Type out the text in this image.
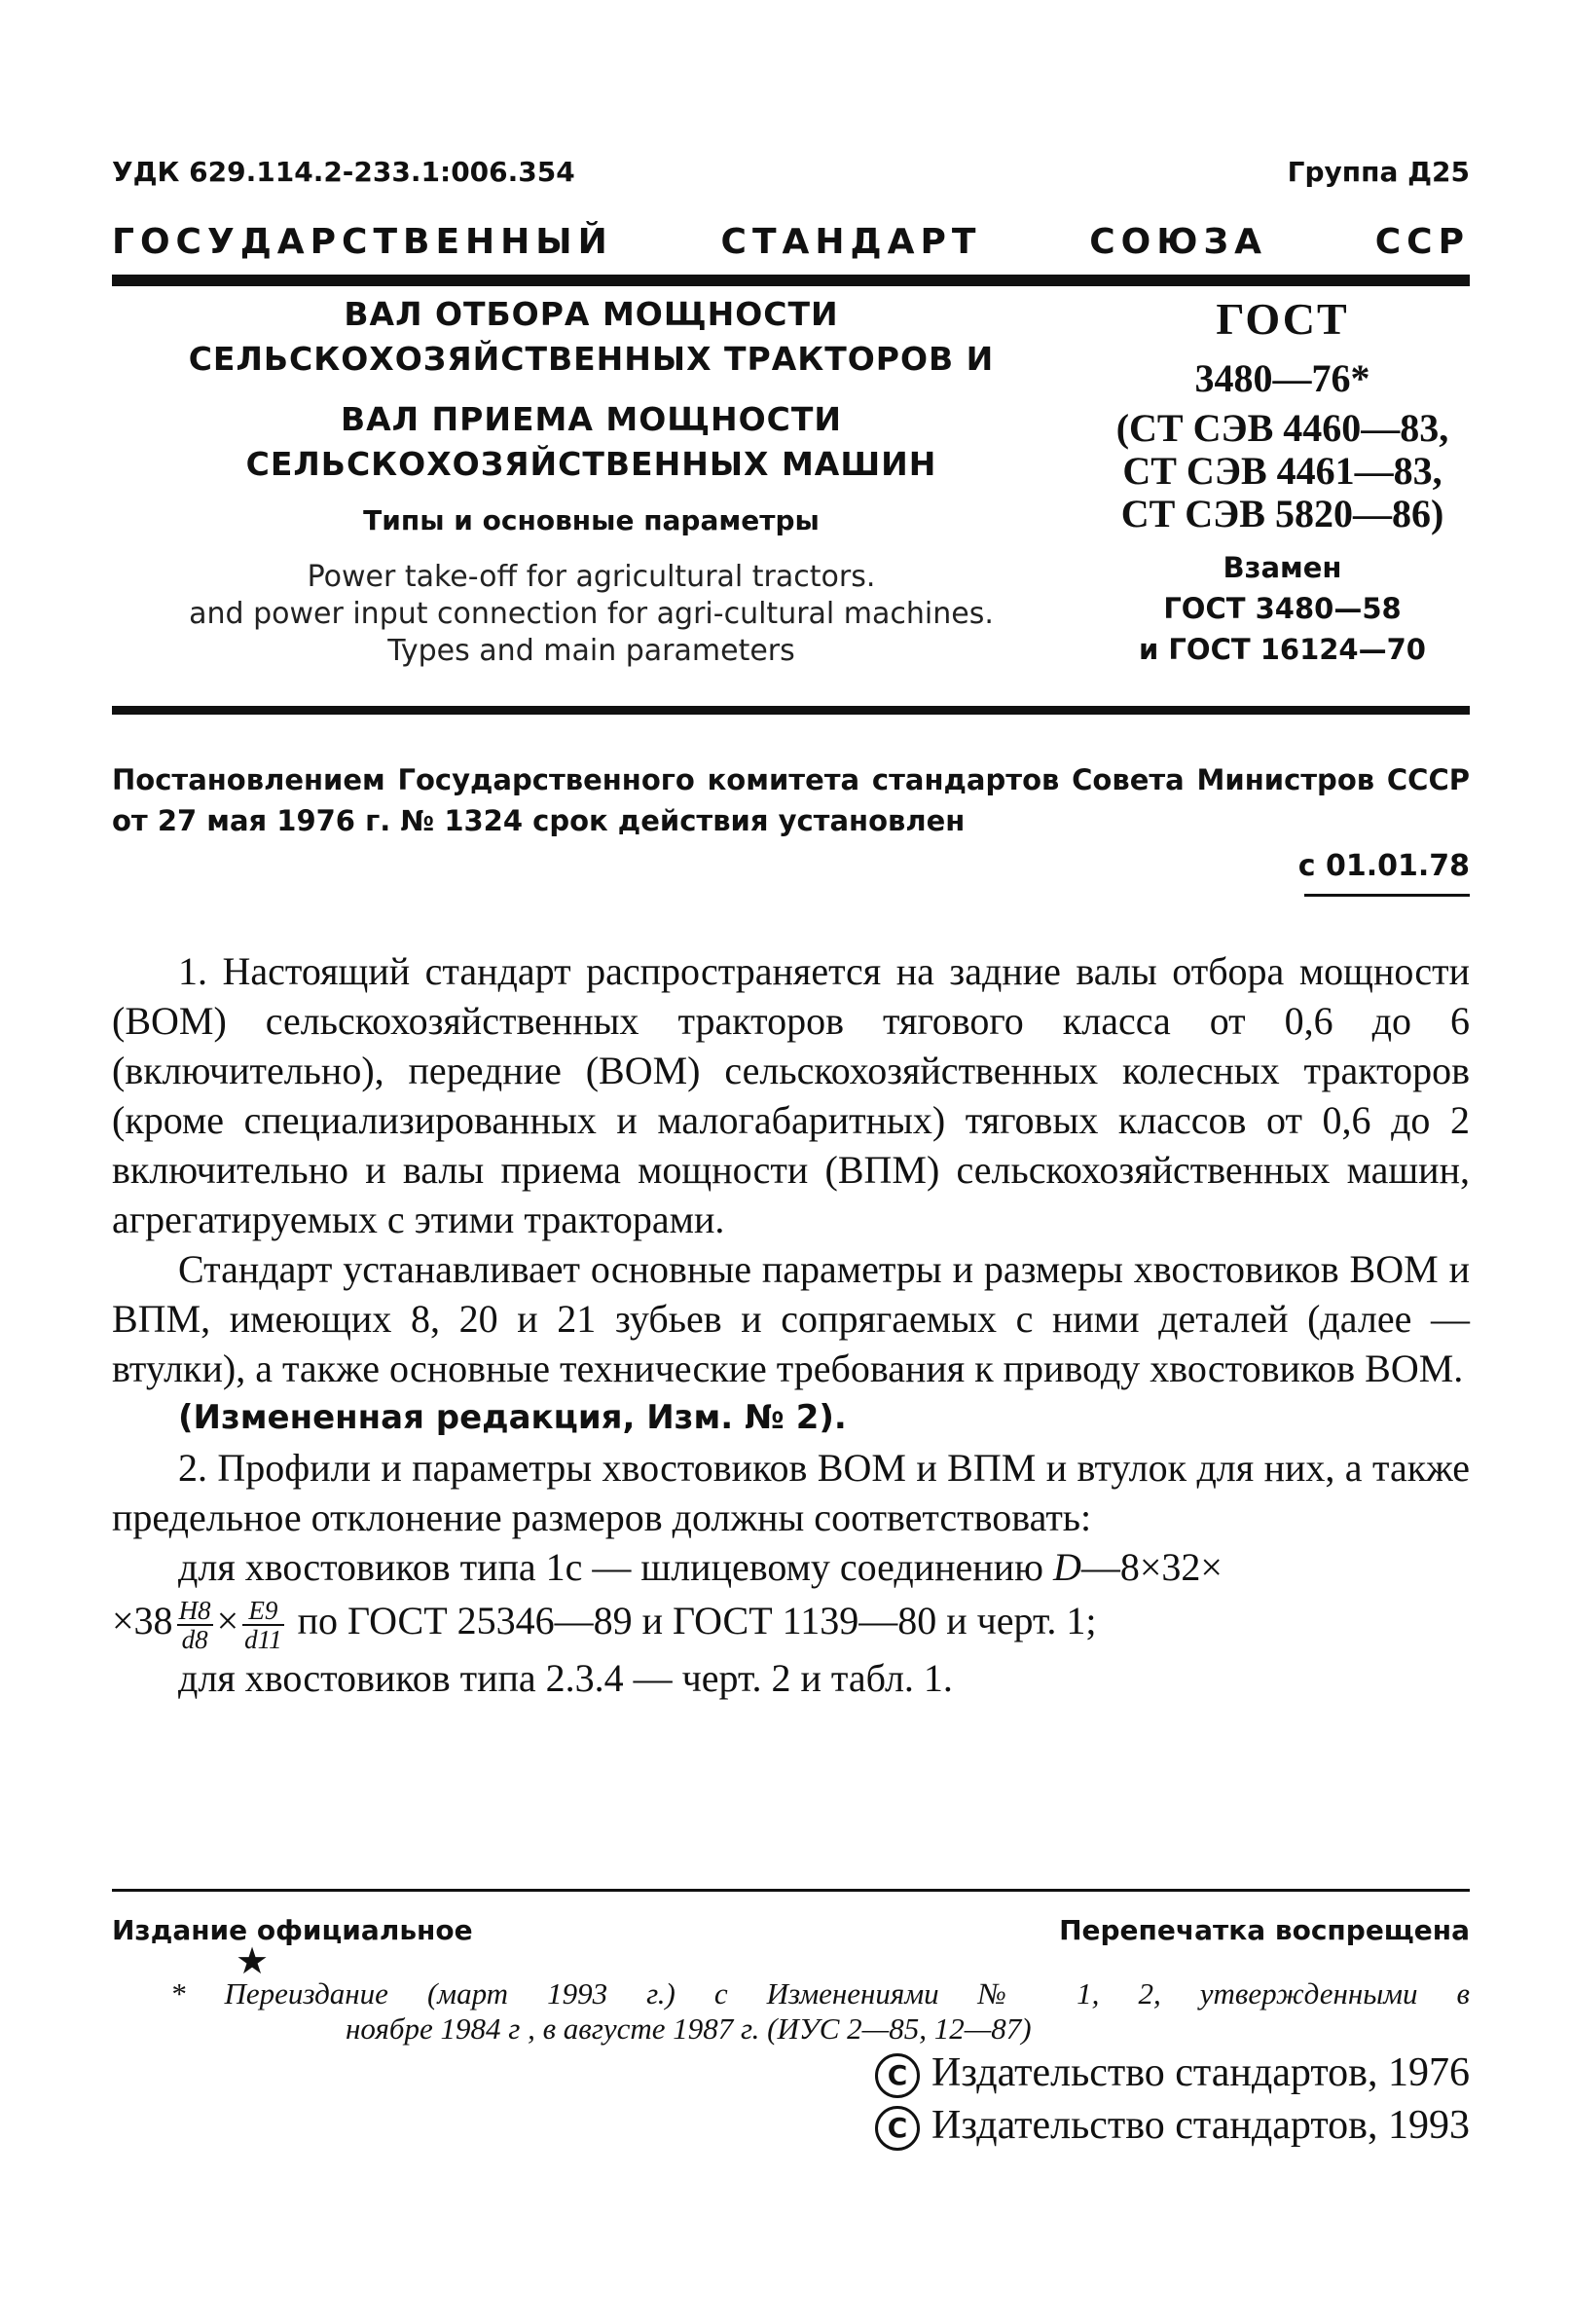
УДК 629.114.2-233.1:006.354	Группа Д25
ГОСУДАРСТВЕННЫЙ СТАНДАРТ СОЮЗА ССР
ВАЛ ОТБОРА МОЩНОСТИ
СЕЛЬСКОХОЗЯЙСТВЕННЫХ ТРАКТОРОВ И
ВАЛ ПРИЕМА МОЩНОСТИ
СЕЛЬСКОХОЗЯЙСТВЕННЫХ МАШИН
Типы и основные параметры
Power take-off for agricultural tractors.
and power input connection for agri-cultural machines.
Types and main parameters
ГОСТ
3480—76*
(СТ СЭВ 4460—83,
СТ СЭВ 4461—83,
СТ СЭВ 5820—86)
Взамен
ГОСТ 3480—58
и ГОСТ 16124—70
Постановлением Государственного комитета стандартов Совета Министров СССР
от 27 мая 1976 г. № 1324 срок действия установлен
с 01.01.78

1. Настоящий стандарт распространяется на задние валы отбора мощности (ВОМ) сельскохозяйственных тракторов тягового класса от 0,6 до 6 (включительно), передние (ВОМ) сельскохозяйственных колесных тракторов (кроме специализированных и малогабаритных) тяговых классов от 0,6 до 2 включительно и валы приема мощности (ВПМ) сельскохозяйственных машин, агрегатируемых с этими тракторами.

Стандарт устанавливает основные параметры и размеры хвостовиков ВОМ и ВПМ, имеющих 8, 20 и 21 зубьев и сопрягаемых с ними деталей (далее — втулки), а также основные технические требования к приводу хвостовиков ВОМ.

(Измененная редакция, Изм. № 2).

2. Профили и параметры хвостовиков ВОМ и ВПМ и втулок для них, а также предельное отклонение размеров должны соответствовать:

для хвостовиков типа 1с — шлицевому соединению D—8×32×

$\times 38 \frac{H8}{d8} \times \frac{E9}{d11}$ по ГОСТ 25346—89 и ГОСТ 1139—80 и черт. 1;

для хвостовиков типа 2.3.4 — черт. 2 и табл. 1.

Издание официальное	Перепечатка воспрещена
★
* Переиздание (март 1993 г.) с Изменениями № 1, 2, утвержденными в
ноябре 1984 г , в августе 1987 г. (ИУС 2—85, 12—87)
C Издательство стандартов, 1976
C Издательство стандартов, 1993
